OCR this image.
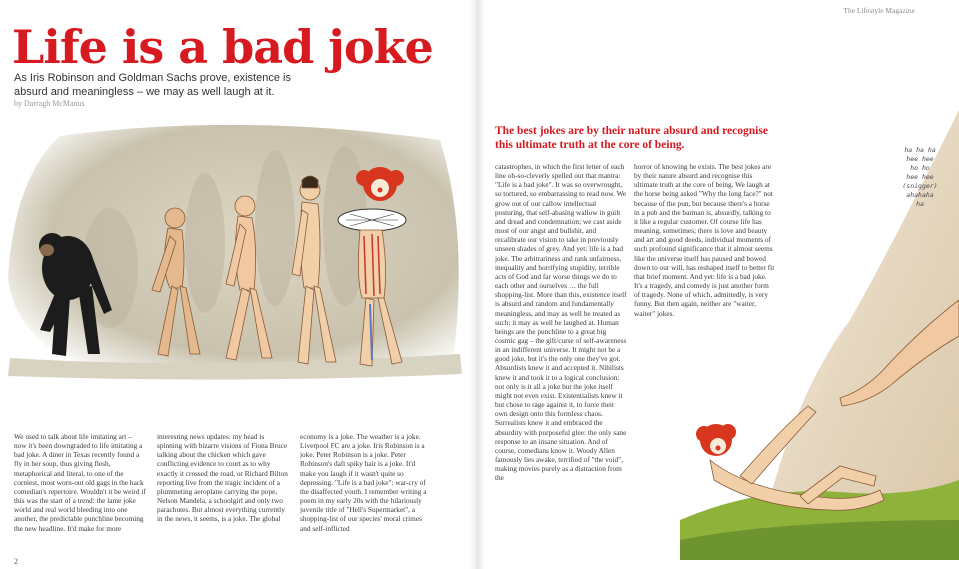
The Lifestyle Magazine
Life is a bad joke
As Iris Robinson and Goldman Sachs prove, existence is absurd and meaningless – we may as well laugh at it.
by Darragh McManus
2
The best jokes are by their nature absurd and recognise this ultimate truth at the core of being.	ha ha ha
hee hee
ho ho
hee hee
(snigger)
ahahaha
ha

We used to talk about life imitating art – now it's been downgraded to life imitating a bad joke. A diner in Texas recently found a fly in her soup, thus giving flesh, metaphorical and literal, to one of the corniest, most worn-out old gags in the hack comedian's repertoire. Wouldn't it be weird if this was the start of a trend: the lame joke world and real world bleeding into one another, the predictable punchline becoming the new headline. It'd make for more

interesting news updates: my head is spinning with bizarre visions of Fiona Bruce talking about the chicken which gave conflicting evidence to court as to why exactly it crossed the road, or Richard Bilton reporting live from the tragic incident of a plummeting aeroplane carrying the pope, Nelson Mandela, a schoolgirl and only two parachutes. But almost everything currently in the news, it seems, is a joke. The global

economy is a joke. The weather is a joke. Liverpool FC are a joke. Iris Robinson is a joke. Peter Robinson is a joke. Peter Robinson's daft spiky hair is a joke. It'd make you laugh if it wasn't quite so depressing. "Life is a bad joke": war-cry of the disaffected youth. I remember writing a poem in my early 20s with the hilariously juvenile title of "Hell's Supermarket", a shopping-list of our species' moral crimes and self-inflicted

catastrophes, in which the first letter of each line oh-so-cleverly spelled out that mantra: "Life is a bad joke". It was so overwrought, so tortured, so embarrassing to read now. We grow out of our callow intellectual posturing, that self-abasing wallow in guilt and dread and condemnation; we cast aside most of our angst and bullshit, and recalibrate our vision to take in previously unseen shades of grey. And yet: life is a bad joke. The arbitrariness and rank unfairness, inequality and horrifying stupidity, terrible acts of God and far worse things we do to each other and ourselves … the full shopping-list. More than this, existence itself is absurd and random and fundamentally meaningless, and may as well be treated as such; it may as well be laughed at. Human beings are the punchline to a great big cosmic gag – the gift/curse of self-awareness in an indifferent universe. It might not be a good joke, but it's the only one they've got. Absurdists knew it and accepted it. Nihilists knew it and took it to a logical conclusion: not only is it all a joke but the joke itself might not even exist. Existentialists knew it but chose to rage against it, to force their own design onto this formless chaos. Surrealists knew it and embraced the absurdity with purposeful glee: the only sane response to an insane situation. And of course, comedians know it. Woody Allen famously lies awake, terrified of "the void", making movies purely as a distraction from the

horror of knowing he exists. The best jokes are by their nature absurd and recognise this ultimate truth at the core of being. We laugh at the horse being asked "Why the long face?" not because of the pun, but because there's a horse in a pub and the barman is, absurdly, talking to it like a regular customer. Of course life has meaning, sometimes; there is love and beauty and art and good deeds, individual moments of such profound significance that it almost seems like the universe itself has paused and bowed down to our will, has reshaped itself to better fit that brief moment. And yet: life is a bad joke. It's a tragedy, and comedy is just another form of tragedy. None of which, admittedly, is very funny. But then again, neither are "waiter, waiter" jokes.
